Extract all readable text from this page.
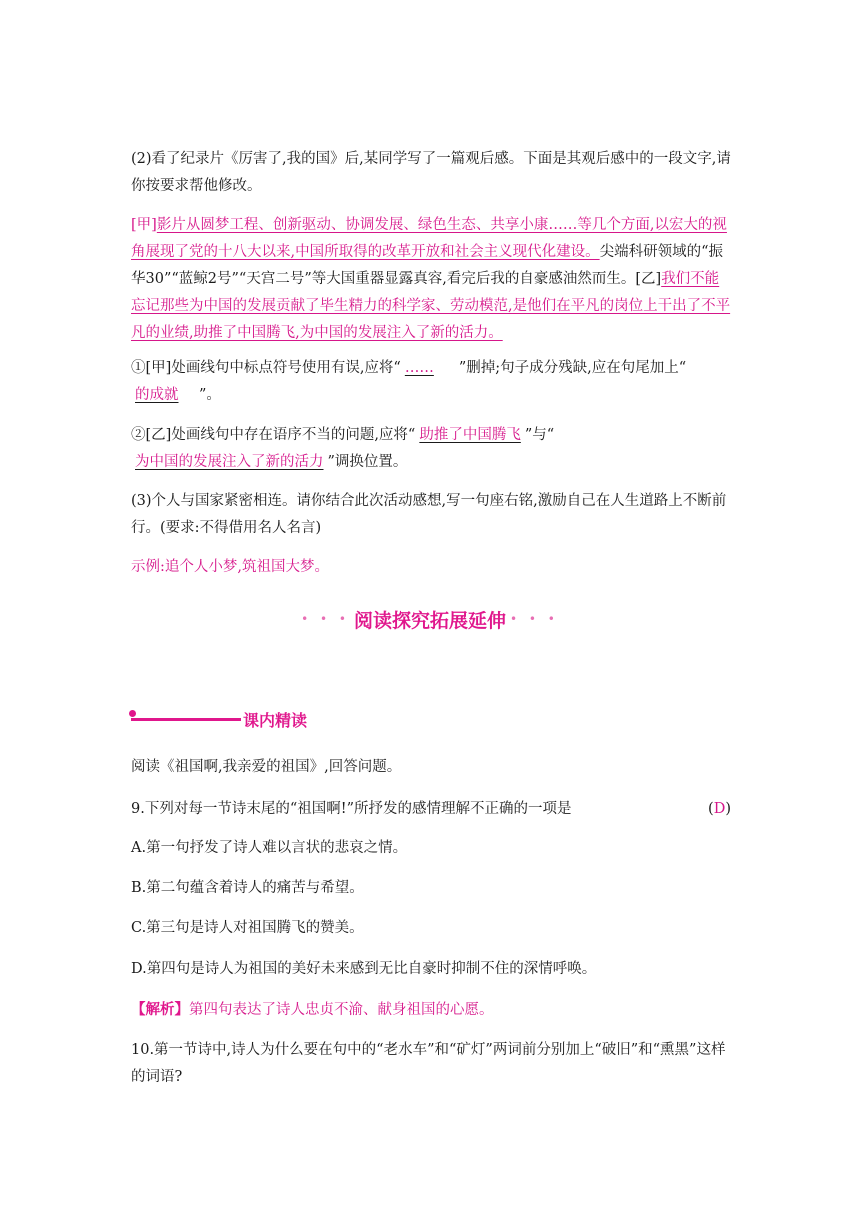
(2)看了纪录片《厉害了,我的国》后,某同学写了一篇观后感。下面是其观后感中的一段文字,请你按要求帮他修改。
[甲]影片从圆梦工程、创新驱动、协调发展、绿色生态、共享小康……等几个方面,以宏大的视角展现了党的十八大以来,中国所取得的改革开放和社会主义现代化建设。尖端科研领域的“振华30”“蓝鲸2号”“天宫二号”等大国重器显露真容,看完后我的自豪感油然而生。[乙]我们不能忘记那些为中国的发展贡献了毕生精力的科学家、劳动模范,是他们在平凡的岗位上干出了不平凡的业绩,助推了中国腾飞,为中国的发展注入了新的活力。
①[甲]处画线句中标点符号使用有误,应将“ …… ”删掉;句子成分残缺,应在句尾加上“的成就 ”。
②[乙]处画线句中存在语序不当的问题,应将“ 助推了中国腾飞 ”与“为中国的发展注入了新的活力 ”调换位置。
(3)个人与国家紧密相连。请你结合此次活动感想,写一句座右铭,激励自己在人生道路上不断前行。(要求:不得借用名人名言)
示例:追个人小梦,筑祖国大梦。
• • • 阅读探究拓展延伸 • • •
课内精读
阅读《祖国啊,我亲爱的祖国》,回答问题。
9.下列对每一节诗末尾的“祖国啊!”所抒发的感情理解不正确的一项是	(D)
A.第一句抒发了诗人难以言状的悲哀之情。
B.第二句蕴含着诗人的痛苦与希望。
C.第三句是诗人对祖国腾飞的赞美。
D.第四句是诗人为祖国的美好未来感到无比自豪时抑制不住的深情呼唤。
【解析】第四句表达了诗人忠贞不渝、献身祖国的心愿。
10.第一节诗中,诗人为什么要在句中的“老水车”和“矿灯”两词前分别加上“破旧”和“熏黑”这样的词语?
